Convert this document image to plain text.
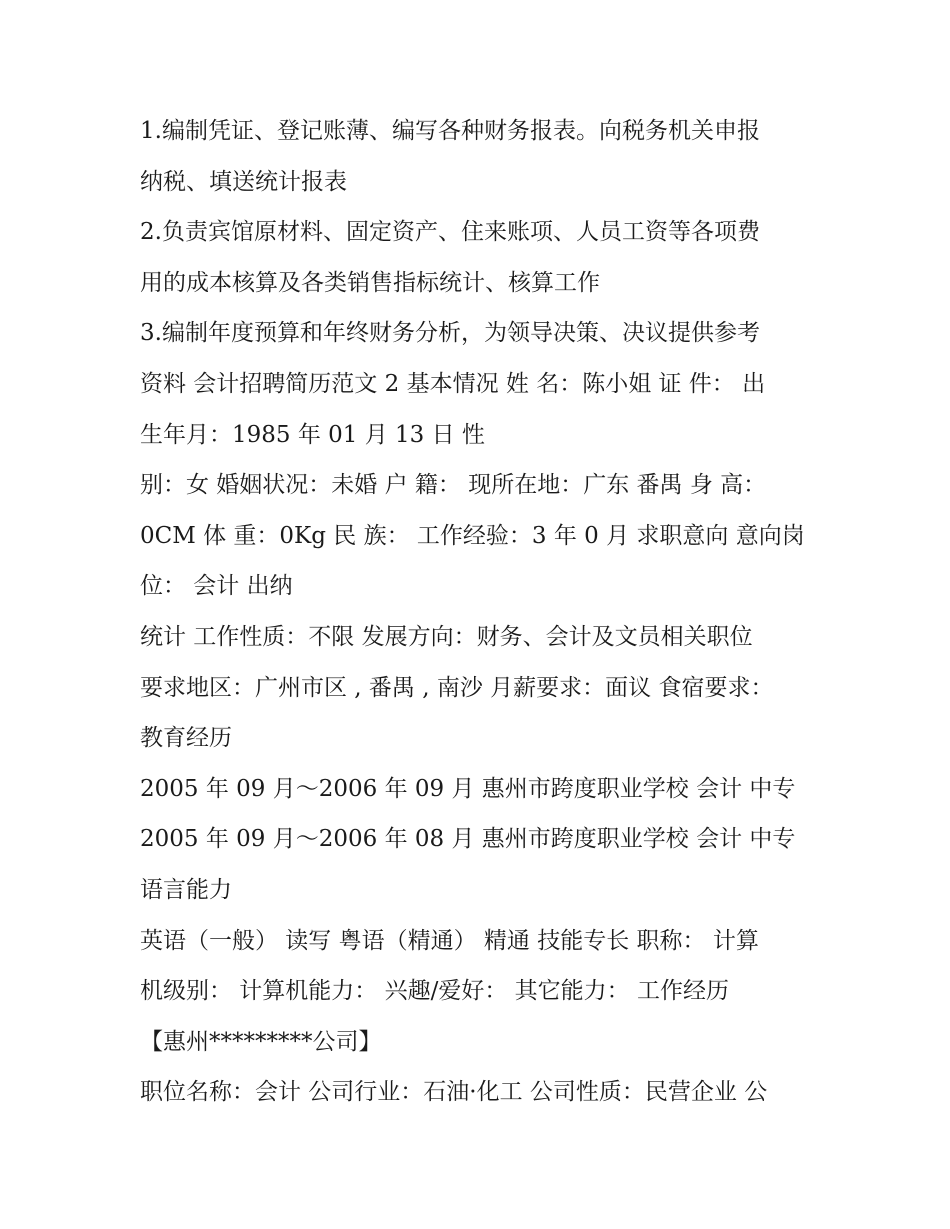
1.编制凭证、登记账薄、编写各种财务报表。向税务机关申报
纳税、填送统计报表
2.负责宾馆原材料、固定资产、住来账项、人员工资等各项费
用的成本核算及各类销售指标统计、核算工作
3.编制年度预算和年终财务分析，为领导决策、决议提供参考
资料 会计招聘简历范文 2 基本情况 姓 名：陈小姐 证 件： 出
生年月：1985 年 01 月 13 日 性
别：女 婚姻状况：未婚 户 籍： 现所在地：广东 番禺 身 高：
0CM 体 重：0Kg 民 族： 工作经验：3 年 0 月 求职意向 意向岗
位： 会计 出纳
统计 工作性质：不限 发展方向：财务、会计及文员相关职位
要求地区：广州市区 , 番禺 , 南沙 月薪要求：面议 食宿要求：
教育经历
2005 年 09 月～2006 年 09 月 惠州市跨度职业学校 会计 中专
2005 年 09 月～2006 年 08 月 惠州市跨度职业学校 会计 中专
语言能力
英语（一般） 读写 粤语（精通） 精通 技能专长 职称： 计算
机级别： 计算机能力： 兴趣/爱好： 其它能力： 工作经历
【惠州*********公司】
职位名称：会计 公司行业：石油·化工 公司性质：民营企业 公
